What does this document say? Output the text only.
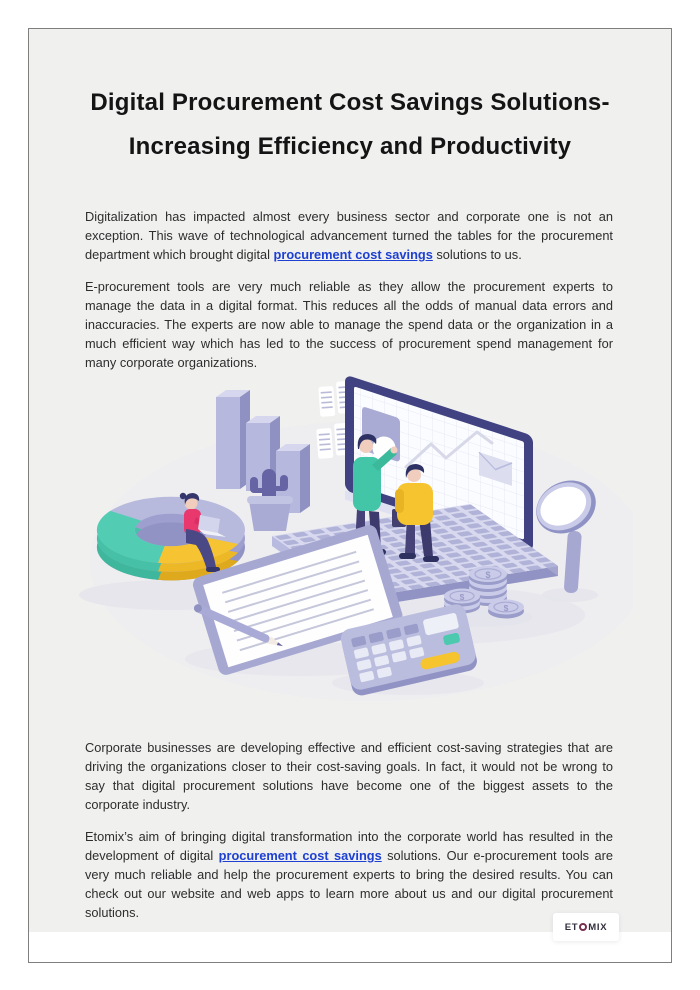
Digital Procurement Cost Savings Solutions-
Increasing Efficiency and Productivity

Digitalization has impacted almost every business sector and corporate one is not an exception. This wave of technological advancement turned the tables for the procurement department which brought digital procurement cost savings solutions to us.

E-procurement tools are very much reliable as they allow the procurement experts to manage the data in a digital format. This reduces all the odds of manual data errors and inaccuracies. The experts are now able to manage the spend data or the organization in a much efficient way which has led to the success of procurement spend management for many corporate organizations.

Corporate businesses are developing effective and efficient cost-saving strategies that are driving the organizations closer to their cost-saving goals. In fact, it would not be wrong to say that digital procurement solutions have become one of the biggest assets to the corporate industry.

Etomix’s aim of bringing digital transformation into the corporate world has resulted in the development of digital procurement cost savings solutions. Our e-procurement tools are very much reliable and help the procurement experts to bring the desired results. You can check out our website and web apps to learn more about us and our digital procurement solutions.

$
$
$
ET MIX
